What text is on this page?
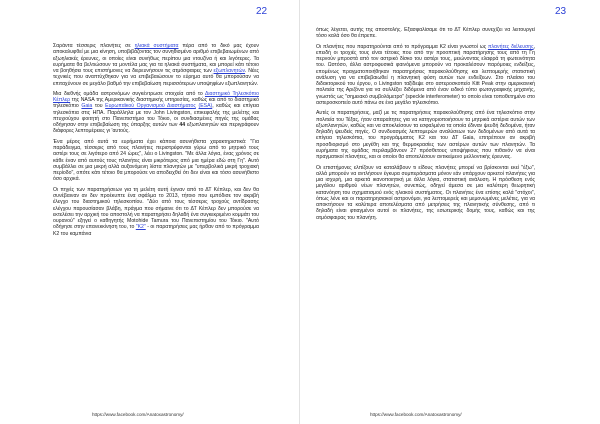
22

Σαράντα τέσσερις πλανήτες σε ηλιακά συστήματα πέρα από το δικό μας έχουν αποκαλυφθεί με μια κίνηση, υποβιβάζοντας τον συνηθισμένο αριθμό επιβεβαιωμένων από εξωηλιακές έρευνες, οι οποίες είναι συνήθως περίπου μια ντουζίνα ή και λιγότερες. Τα ευρήματα θα βελτιώσουν τα μοντέλα μας για τα ηλιακά συστήματα, και μπορεί κάτι τέτοιο να βοηθήσει τους επιστήμονες να διερευνήσουν τις ατμόσφαιρες των εξωπλανητών. Νέες τεχνικές που αναπτύχθηκαν για να επιβεβαιώσουν το εύρημα αυτό θα μπορούσαν να επιταχύνουν σε μεγάλο βαθμό την επιβεβαίωση περισσότερων υποψηφίων εξωπλανητών.

Μια διεθνής ομάδα αστρονόμων συγκέντρωσε στοιχεία από το Διαστημικό Τηλεσκόπιο Κέπλερ της NASA της Αμερικανικής διαστημικής υπηρεσίας, καθώς και από το διαστημικό τηλεσκόπιο Gaia του Ευρωπαϊκού Οργανισμού Διαστήματος (ESA), καθώς και επίγεια τηλεσκόπια στις ΗΠΑ. Παράλληλα με τον John Livingston, επικεφαλής της μελέτης και πτυχιούχου φοιτητή στο Πανεπιστήμιο του Τόκιο, οι συνδιασμένες πηγές της ομάδας οδήγησαν στην επιβεβαίωση της ύπαρξης αυτών των 44 εξωπλανητών και περιγράφουν διάφορες λεπτομέρειες γι 'αυτούς.

Ένα μέρος από αυτά τα ευρήματα έχει κάποια ασυνήθιστα χαρακτηριστικά: "Για παράδειγμα, τέσσερις από τους πλανήτες περιστρέφονται γύρω από το μητρικό τους αστέρι τους σε λιγότερο από 24 ώρες", λέει ο Livingston. "Με άλλα λόγια, ένας χρόνος σε κάθε έναν από αυτούς τους πλανήτες είναι μικρότερος από μια ημέρα εδώ στη Γη". Αυτό συμβάλλει σε μια μικρή αλλά αυξανόμενη λίστα πλανητών με "υπερβολικά μικρή τροχιακή περίοδο", οπότε κάτι τέτοιο θα μπορούσε να αποδειχθεί ότι δεν είναι και τόσο ασυνήθιστο όσο αρχικά.

Οι πηγές των παρατηρήσεων για τη μελέτη αυτή έγιναν από το ΔΤ Κέπλερ, και δεν θα συνέβαιναν αν δεν προέκυπτε ένα σφάλμα το 2013, τήτοιο που εμπόδισε τον ακριβή έλεγχο του διαστημικού τηλεσκοπίου. "Δύο από τους τέσσερις τροχούς αντίδρασης ελέγχου παρουσίασαν βλάβη, πράγμα που σήμαινε ότι το ΔΤ Κέπλερ δεν μπορούσε να εκτελέσει την αρχική του αποστολή να παρατηρήσει δηλαδή ένα συγκεκριμένο κομμάτι του ουρανού" εξηγεί ο καθηγητής Motohide Tamura του Πανεπιστημίου του Τόκιο. "Αυτό οδήγησε στην επανεκκίνηση του, το "K2" - οι παρατηρήσεις μας ήρθαν από το πρόγραμμα Κ2 του καμπάνια

https://www.facebook.com/Anatoxastronomy/
23

όπως λέγεται, αυτής της αποστολής. Εξασφαλίσαμε ότι το ΔΤ Κέπλερ συνεχίζει να λειτουργεί τόσο καλά όσο θα έπρεπε.

Οι πλανήτες που παρατηρούνται από το πρόγραμμα Κ2 είναι γνωστοί ως πλανήτες διέλευσης, επειδή οι τροχιές τους είναι τέτοιες που από την προοπτική παρατήρησης τους από τη Γη περνούν μπροστά από τον αστρικό δίσκο του αστέρι τους, μειώνοντας ελαφρά τη φωτεινότητα του. Ωστόσο, άλλα αστροφυσικά φαινόμενα μπορούν να προκαλέσουν παρόμοιες ενδείξεις, επομένως πραγματοποιήθηκαν παρατηρήσεις παρακολούθησης και λεπτομερής στατιστική ανάλυση για να επιβεβαιωθεί η πλανητική φύση αυτών των ενδείξεων. Στο πλαίσιο του διδακτορικού του έργου, ο Livingston ταξίδεψε στο αστεροσκοπείο Kitt Peak στην αμερικανική πολιτεία της Αριζόνα για να συλλέξει διδόμενα από έναν ειδικό τύπο φωτογραφικής μηχανής, γνωστός ως "σημειακό συμβολόμετρο" (speckle interferometer) το οποίο είναι τοποθετημένο στο αστεροσκοπείο αυτό πάνω σε ένα μεγάλο τηλεσκόπιο.

Αυτές οι παρατηρήσεις, μαζί με τις παρατηρήσεις παρακολούθησης από ένα τηλεσκόπιο στην πολιτεία του Τέξας, ήταν απαραίτητες για να κατηγοριοποιήσουν τα μητρικά αστέρια αυτών των εξωπλανητών, καθώς και να αποκλείσουν τα εσφαλμένα τα οποία έδιναν ψευδή δεδομένα, ήταν δηλαδή ψευδείς πηγές. Ο συνδυασμός λεπτομερών αναλύσεων των δεδομένων από αυτά τα επίγεια τηλεσκόπια, του προγράμματος Κ2 και του ΔΤ Gaia, επιτρέπουν αν ακριβή προσδιορισμό στο μεγέθη και της θερμοκρασίες των αστέρων αυτών των πλανητών. Τα ευρήματα της ομάδας περιλαμβάνουν 27 πρόσθετους υποψήφιους που πιθανόν να είναι πραγματικοί πλανήτες, και οι οποίοι θα αποτελέσουν αντικείμενο μελλοντικής έρευνας.

Οι επιστήμονες ελπίζουν να καταλάβουν τι είδους πλανήτες μπορεί να βρίσκονται εκεί "έξω", αλλά μπορούν να αντλήσουν έγκυρα συμπεράσματα μόνον εάν υπάρχουν αρκετοί πλανήτες για μια ισχυρή, μια αρκετά ικανοποιητική με άλλα λόγια, στατιστική ανάλυση. Η πρόσθεση ενός μεγάλου αριθμού νέων πλανητών, συνεπώς, οδηγεί άμεσα σε μια καλύτερη θεωρητική κατανόηση του σχηματισμού ενός ηλιακού συστήματος. Οι πλανήτες ένα επίσης καλά "στόχοι", όπως λένε και οι παρατηρησιακοί αστρονόμοι, για λεπτομερείς και μεμονωμένες μελέτες, για να αποκτήσουν τα καλύτερα αποτελέσματα από μετρήσεις της πλανητικής σύνθεσης, από τι δηλαδή είναι φτιαγμένοι αυτοί οι πλανήτες, της εσωτερικής δομής τους, καθώς και της ατμόσφαιρας του πλανήτη.

https://www.facebook.com/Anatoxastronomy/
